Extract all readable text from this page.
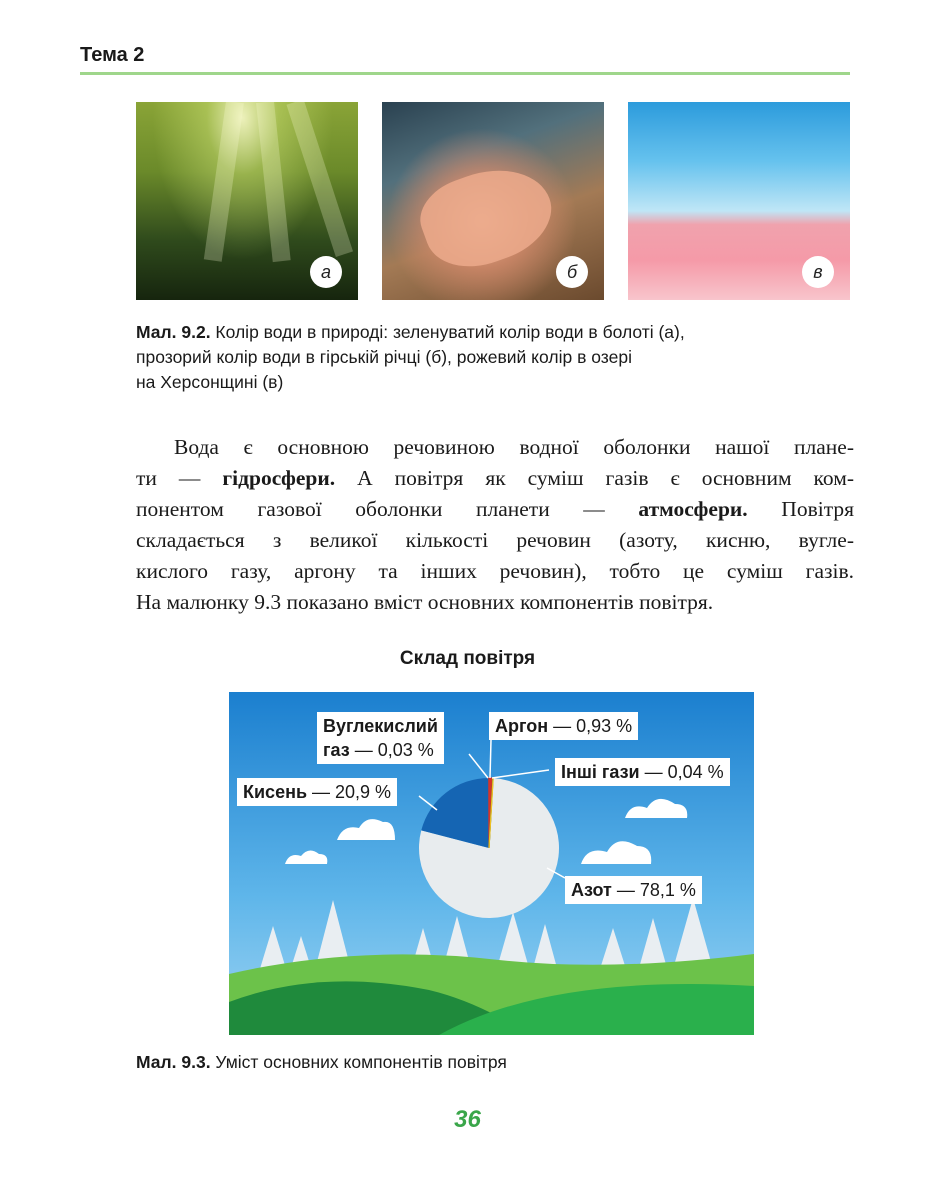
Тема 2
а	б	в
Мал. 9.2. Колір води в природі: зеленуватий колір води в болоті (а),
прозорий колір води в гірській річці (б), рожевий колір в озері
на Херсонщині (в)
Вода є основною речовиною водної оболонки нашої плане-
ти — гідросфери. А повітря як суміш газів є основним ком-
понентом газової оболонки планети — атмосфери. Повітря
складається з великої кількості речовин (азоту, кисню, вугле-
кислого газу, аргону та інших речовин), тобто це суміш газів.
На малюнку 9.3 показано вміст основних компонентів повітря.
Склад повітря
Вуглекислий
газ — 0,03 %
Аргон — 0,93 %
Інші гази — 0,04 %
Кисень — 20,9 %
Азот — 78,1 %
Мал. 9.3. Уміст основних компонентів повітря
36
